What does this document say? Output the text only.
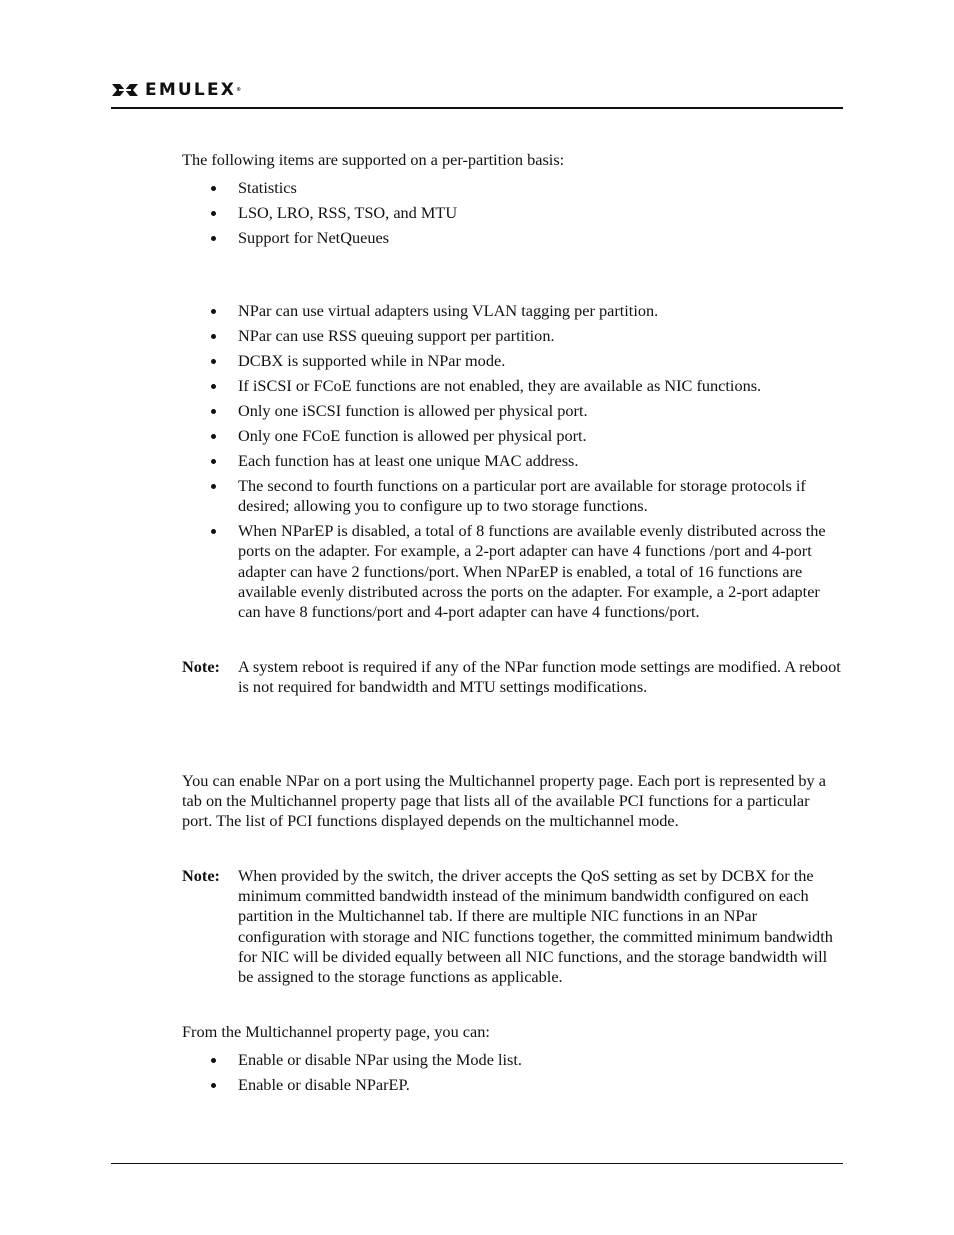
EMULEX®

The following items are supported on a per-partition basis:

Statistics
LSO, LRO, RSS, TSO, and MTU
Support for NetQueues
NPar can use virtual adapters using VLAN tagging per partition.
NPar can use RSS queuing support per partition.
DCBX is supported while in NPar mode.
If iSCSI or FCoE functions are not enabled, they are available as NIC functions.
Only one iSCSI function is allowed per physical port.
Only one FCoE function is allowed per physical port.
Each function has at least one unique MAC address.
The second to fourth functions on a particular port are available for storage protocols if desired; allowing you to configure up to two storage functions.
When NParEP is disabled, a total of 8 functions are available evenly distributed across the ports on the adapter. For example, a 2-port adapter can have 4 functions /port and 4-port adapter can have 2 functions/port. When NParEP is enabled, a total of 16 functions are available evenly distributed across the ports on the adapter. For example, a 2-port adapter can have 8 functions/port and 4-port adapter can have 4 functions/port.
Note: A system reboot is required if any of the NPar function mode settings are modified. A reboot is not required for bandwidth and MTU settings modifications.

You can enable NPar on a port using the Multichannel property page. Each port is represented by a tab on the Multichannel property page that lists all of the available PCI functions for a particular port. The list of PCI functions displayed depends on the multichannel mode.

Note: When provided by the switch, the driver accepts the QoS setting as set by DCBX for the minimum committed bandwidth instead of the minimum bandwidth configured on each partition in the Multichannel tab. If there are multiple NIC functions in an NPar configuration with storage and NIC functions together, the committed minimum bandwidth for NIC will be divided equally between all NIC functions, and the storage bandwidth will be assigned to the storage functions as applicable.

From the Multichannel property page, you can:

Enable or disable NPar using the Mode list.
Enable or disable NParEP.
